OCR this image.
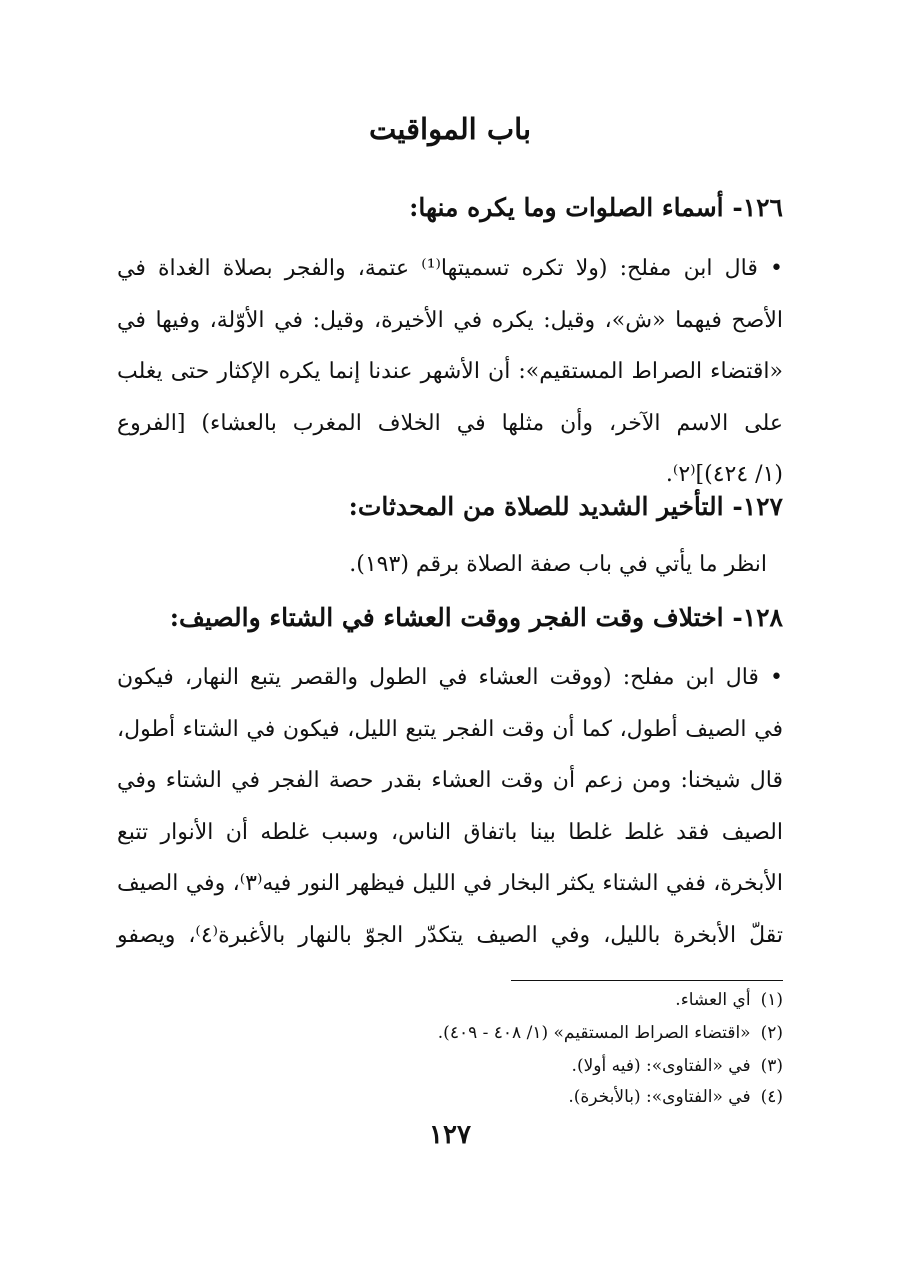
باب المواقيت
١٢٦- أسماء الصلوات وما يكره منها:
• قال ابن مفلح: (ولا تكره تسميتها⁽¹⁾ عتمة، والفجر بصلاة الغداة في
الأصح فيهما «ش»، وقيل: يكره في الأخيرة، وقيل: في الأوّلة، وفيها في
«اقتضاء الصراط المستقيم»: أن الأشهر عندنا إنما يكره الإكثار حتى يغلب
على الاسم الآخر، وأن مثلها في الخلاف المغرب بالعشاء) [الفروع
(١/ ٤٢٤)]⁽٢⁾.
١٢٧- التأخير الشديد للصلاة من المحدثات:
انظر ما يأتي في باب صفة الصلاة برقم (١٩٣).
١٢٨- اختلاف وقت الفجر ووقت العشاء في الشتاء والصيف:
• قال ابن مفلح: (ووقت العشاء في الطول والقصر يتبع النهار، فيكون
في الصيف أطول، كما أن وقت الفجر يتبع الليل، فيكون في الشتاء أطول،
قال شيخنا: ومن زعم أن وقت العشاء بقدر حصة الفجر في الشتاء وفي
الصيف فقد غلط غلطا بينا باتفاق الناس، وسبب غلطه أن الأنوار تتبع
الأبخرة، ففي الشتاء يكثر البخار في الليل فيظهر النور فيه⁽٣⁾، وفي الصيف
تقلّ الأبخرة بالليل، وفي الصيف يتكدّر الجوّ بالنهار بالأغبرة⁽٤⁾، ويصفو
(١)أي العشاء.
(٢)«اقتضاء الصراط المستقيم» (١/ ٤٠٨ - ٤٠٩).
(٣)في «الفتاوى»: (فيه أولا).
(٤)في «الفتاوى»: (بالأبخرة).
١٢٧
